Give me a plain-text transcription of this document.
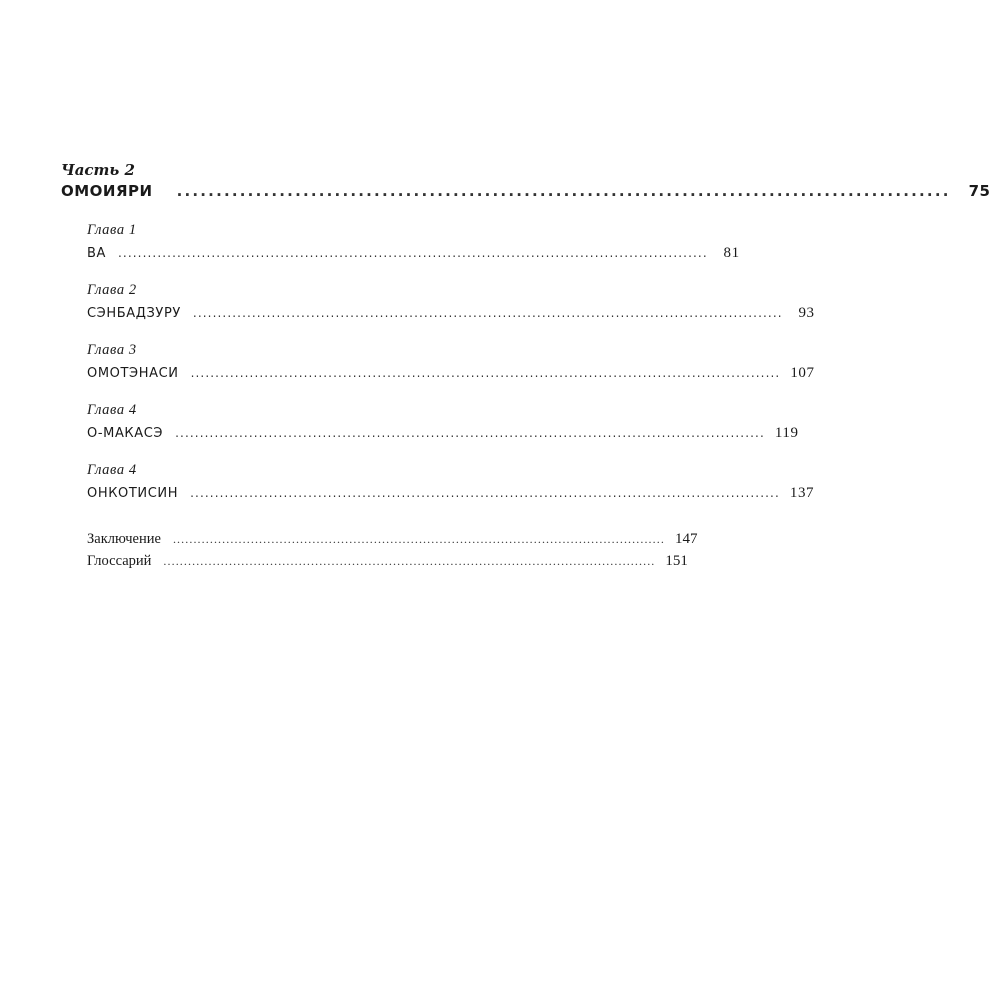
Часть 2
ОМОИЯРИ .................................................................................................. 75
Глава 1
ВА ........................................................................................................................	81
Глава 2
СЭНБАДЗУРУ ........................................................................................................................	93
Глава 3
ОМОТЭНАСИ ........................................................................................................................ 107
Глава 4
О-МАКАСЭ ........................................................................................................................ 119
Глава 4
ОНКОТИСИН ........................................................................................................................ 137
Заключение ........................................................................................................................ 147
Глоссарий ........................................................................................................................ 151
